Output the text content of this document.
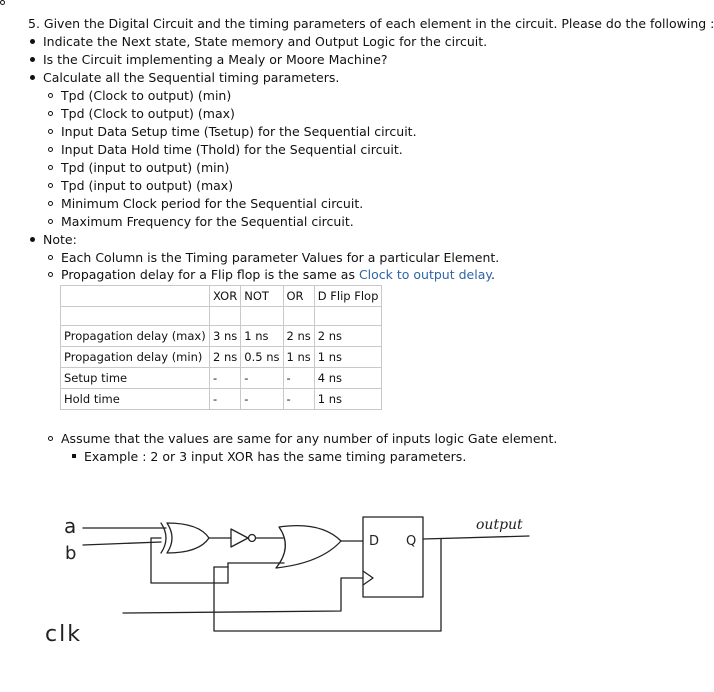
5. Given the Digital Circuit and the timing parameters of each element in the circuit. Please do the following :
Indicate the Next state, State memory and Output Logic for the circuit.
Is the Circuit implementing a Mealy or Moore Machine?
Calculate all the Sequential timing parameters.
Tpd (Clock to output) (min)
Tpd (Clock to output) (max)
Input Data Setup time (Tsetup) for the Sequential circuit.
Input Data Hold time (Thold) for the Sequential circuit.
Tpd (input to output) (min)
Tpd (input to output) (max)
Minimum Clock period for the Sequential circuit.
Maximum Frequency for the Sequential circuit.
Note:
Each Column is the Timing parameter Values for a particular Element.
Propagation delay for a Flip flop is the same as Clock to output delay.
	XOR	NOT	OR	D Flip Flop

Propagation delay (max)	3 ns	1 ns	2 ns	2 ns
Propagation delay (min)	2 ns	0.5 ns	1 ns	1 ns
Setup time	-	-	-	4 ns
Hold time	-	-	-	1 ns
Assume that the values are same for any number of inputs logic Gate element.
Example : 2 or 3 input XOR has the same timing parameters.
a
b
clk
output
D Q
